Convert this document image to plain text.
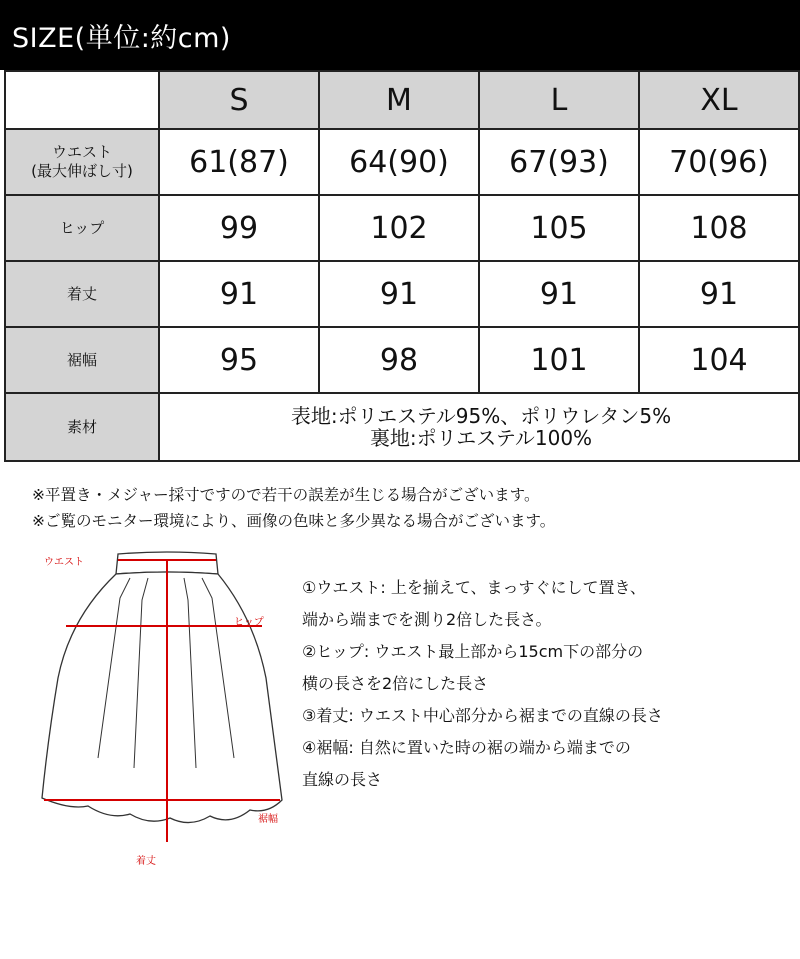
SIZE(単位:約cm)
	S	M	L	XL

ウエスト
(最大伸ばし寸)	61(87)	64(90)	67(93)	70(96)
ヒップ	99	102	105	108
着丈	91	91	91	91
裾幅	95	98	101	104
素材	表地:ポリエステル95%、ポリウレタン5%
裏地:ポリエステル100%			
※平置き・メジャー採寸ですので若干の誤差が生じる場合がございます。
※ご覧のモニター環境により、画像の色味と多少異なる場合がございます。
ウエスト
ヒップ
裾幅
着丈
①ウエスト: 上を揃えて、まっすぐにして置き、
端から端までを測り2倍した長さ。
②ヒップ: ウエスト最上部から15cm下の部分の
横の長さを2倍にした長さ
③着丈: ウエスト中心部分から裾までの直線の長さ
④裾幅: 自然に置いた時の裾の端から端までの
直線の長さ
